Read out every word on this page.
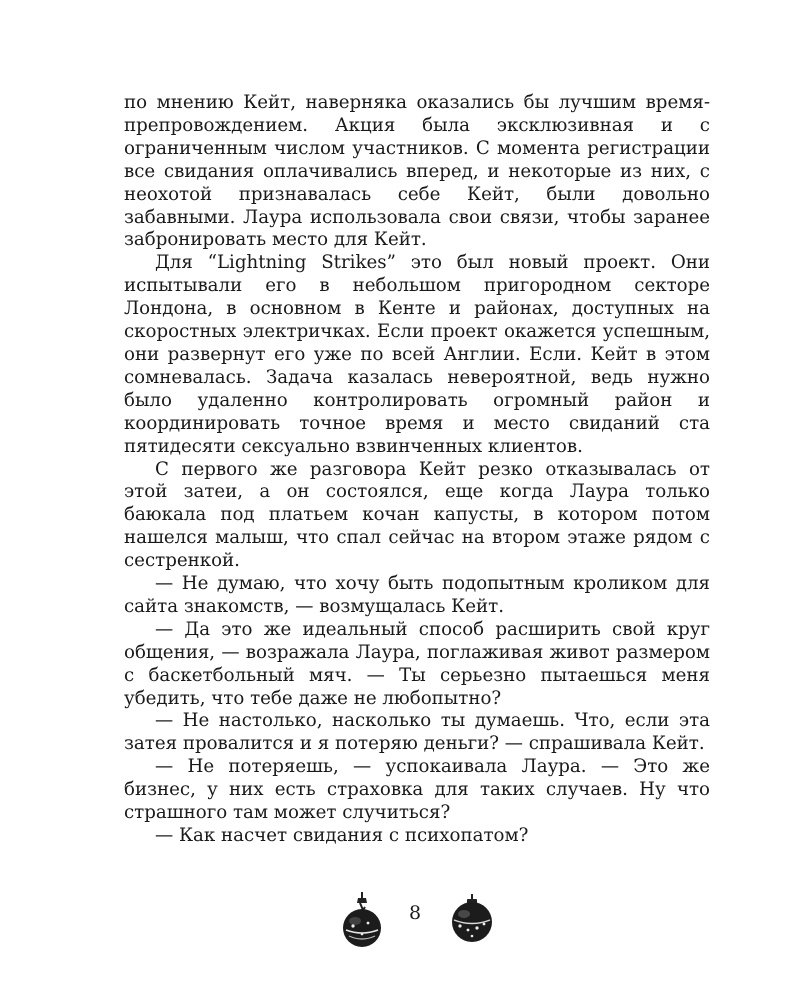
по мнению Кейт, наверняка оказались бы лучшим времяпрепровождением. Акция была эксклюзивная и с ограниченным числом участников. С момента регистрации все свидания оплачивались вперед, и некоторые из них, с неохотой признавалась себе Кейт, были довольно забавными. Лаура использовала свои связи, чтобы заранее забронировать место для Кейт.

Для “Lightning Strikes” это был новый проект. Они испытывали его в небольшом пригородном секторе Лондона, в основном в Кенте и районах, доступных на скоростных электричках. Если проект окажется успешным, они развернут его уже по всей Англии. Если. Кейт в этом сомневалась. Задача казалась невероятной, ведь нужно было удаленно контролировать огромный район и координировать точное время и место свиданий ста пятидесяти сексуально взвинченных клиентов.

С первого же разговора Кейт резко отказывалась от этой затеи, а он состоялся, еще когда Лаура только баюкала под платьем кочан капусты, в котором потом нашелся малыш, что спал сейчас на втором этаже рядом с сестренкой.

— Не думаю, что хочу быть подопытным кроликом для сайта знакомств, — возмущалась Кейт.

— Да это же идеальный способ расширить свой круг общения, — возражала Лаура, поглаживая живот размером с баскетбольный мяч. — Ты серьезно пытаешься меня убедить, что тебе даже не любопытно?

— Не настолько, насколько ты думаешь. Что, если эта затея провалится и я потеряю деньги? — спрашивала Кейт.

— Не потеряешь, — успокаивала Лаура. — Это же бизнес, у них есть страховка для таких случаев. Ну что страшного там может случиться?

— Как насчет свидания с психопатом?

8
